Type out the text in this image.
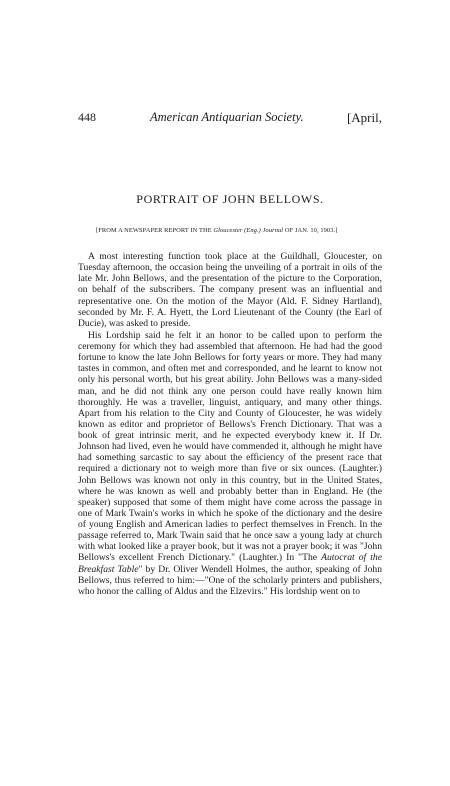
448	American Antiquarian Society.	[April,
PORTRAIT OF JOHN BELLOWS.
[FROM A NEWSPAPER REPORT IN THE Gloucester (Eng.) Journal OF JAN. 10, 1903.]

A most interesting function took place at the Guildhall, Gloucester, on Tuesday afternoon, the occasion being the unveiling of a portrait in oils of the late Mr. John Bellows, and the presentation of the picture to the Corporation, on behalf of the subscribers. The company present was an influential and representative one. On the motion of the Mayor (Ald. F. Sidney Hartland), seconded by Mr. F. A. Hyett, the Lord Lieutenant of the County (the Earl of Ducie), was asked to preside.

His Lordship said he felt it an honor to be called upon to perform the ceremony for which they had assembled that afternoon. He had had the good fortune to know the late John Bellows for forty years or more. They had many tastes in common, and often met and corresponded, and he learnt to know not only his personal worth, but his great ability. John Bellows was a many-sided man, and he did not think any one person could have really known him thoroughly. He was a traveller, linguist, antiquary, and many other things. Apart from his relation to the City and County of Gloucester, he was widely known as editor and proprietor of Bellows's French Dictionary. That was a book of great intrinsic merit, and he expected everybody knew it. If Dr. Johnson had lived, even he would have commended it, although he might have had something sarcastic to say about the efficiency of the present race that required a dictionary not to weigh more than five or six ounces. (Laughter.) John Bellows was known not only in this country, but in the United States, where he was known as well and probably better than in England. He (the speaker) supposed that some of them might have come across the passage in one of Mark Twain's works in which he spoke of the dictionary and the desire of young English and American ladies to perfect themselves in French. In the passage referred to, Mark Twain said that he once saw a young lady at church with what looked like a prayer book, but it was not a prayer book; it was "John Bellows's excellent French Dictionary." (Laughter.) In "The Autocrat of the Breakfast Table" by Dr. Oliver Wendell Holmes, the author, speaking of John Bellows, thus referred to him:—"One of the scholarly printers and publishers, who honor the calling of Aldus and the Elzevirs." His lordship went on to
